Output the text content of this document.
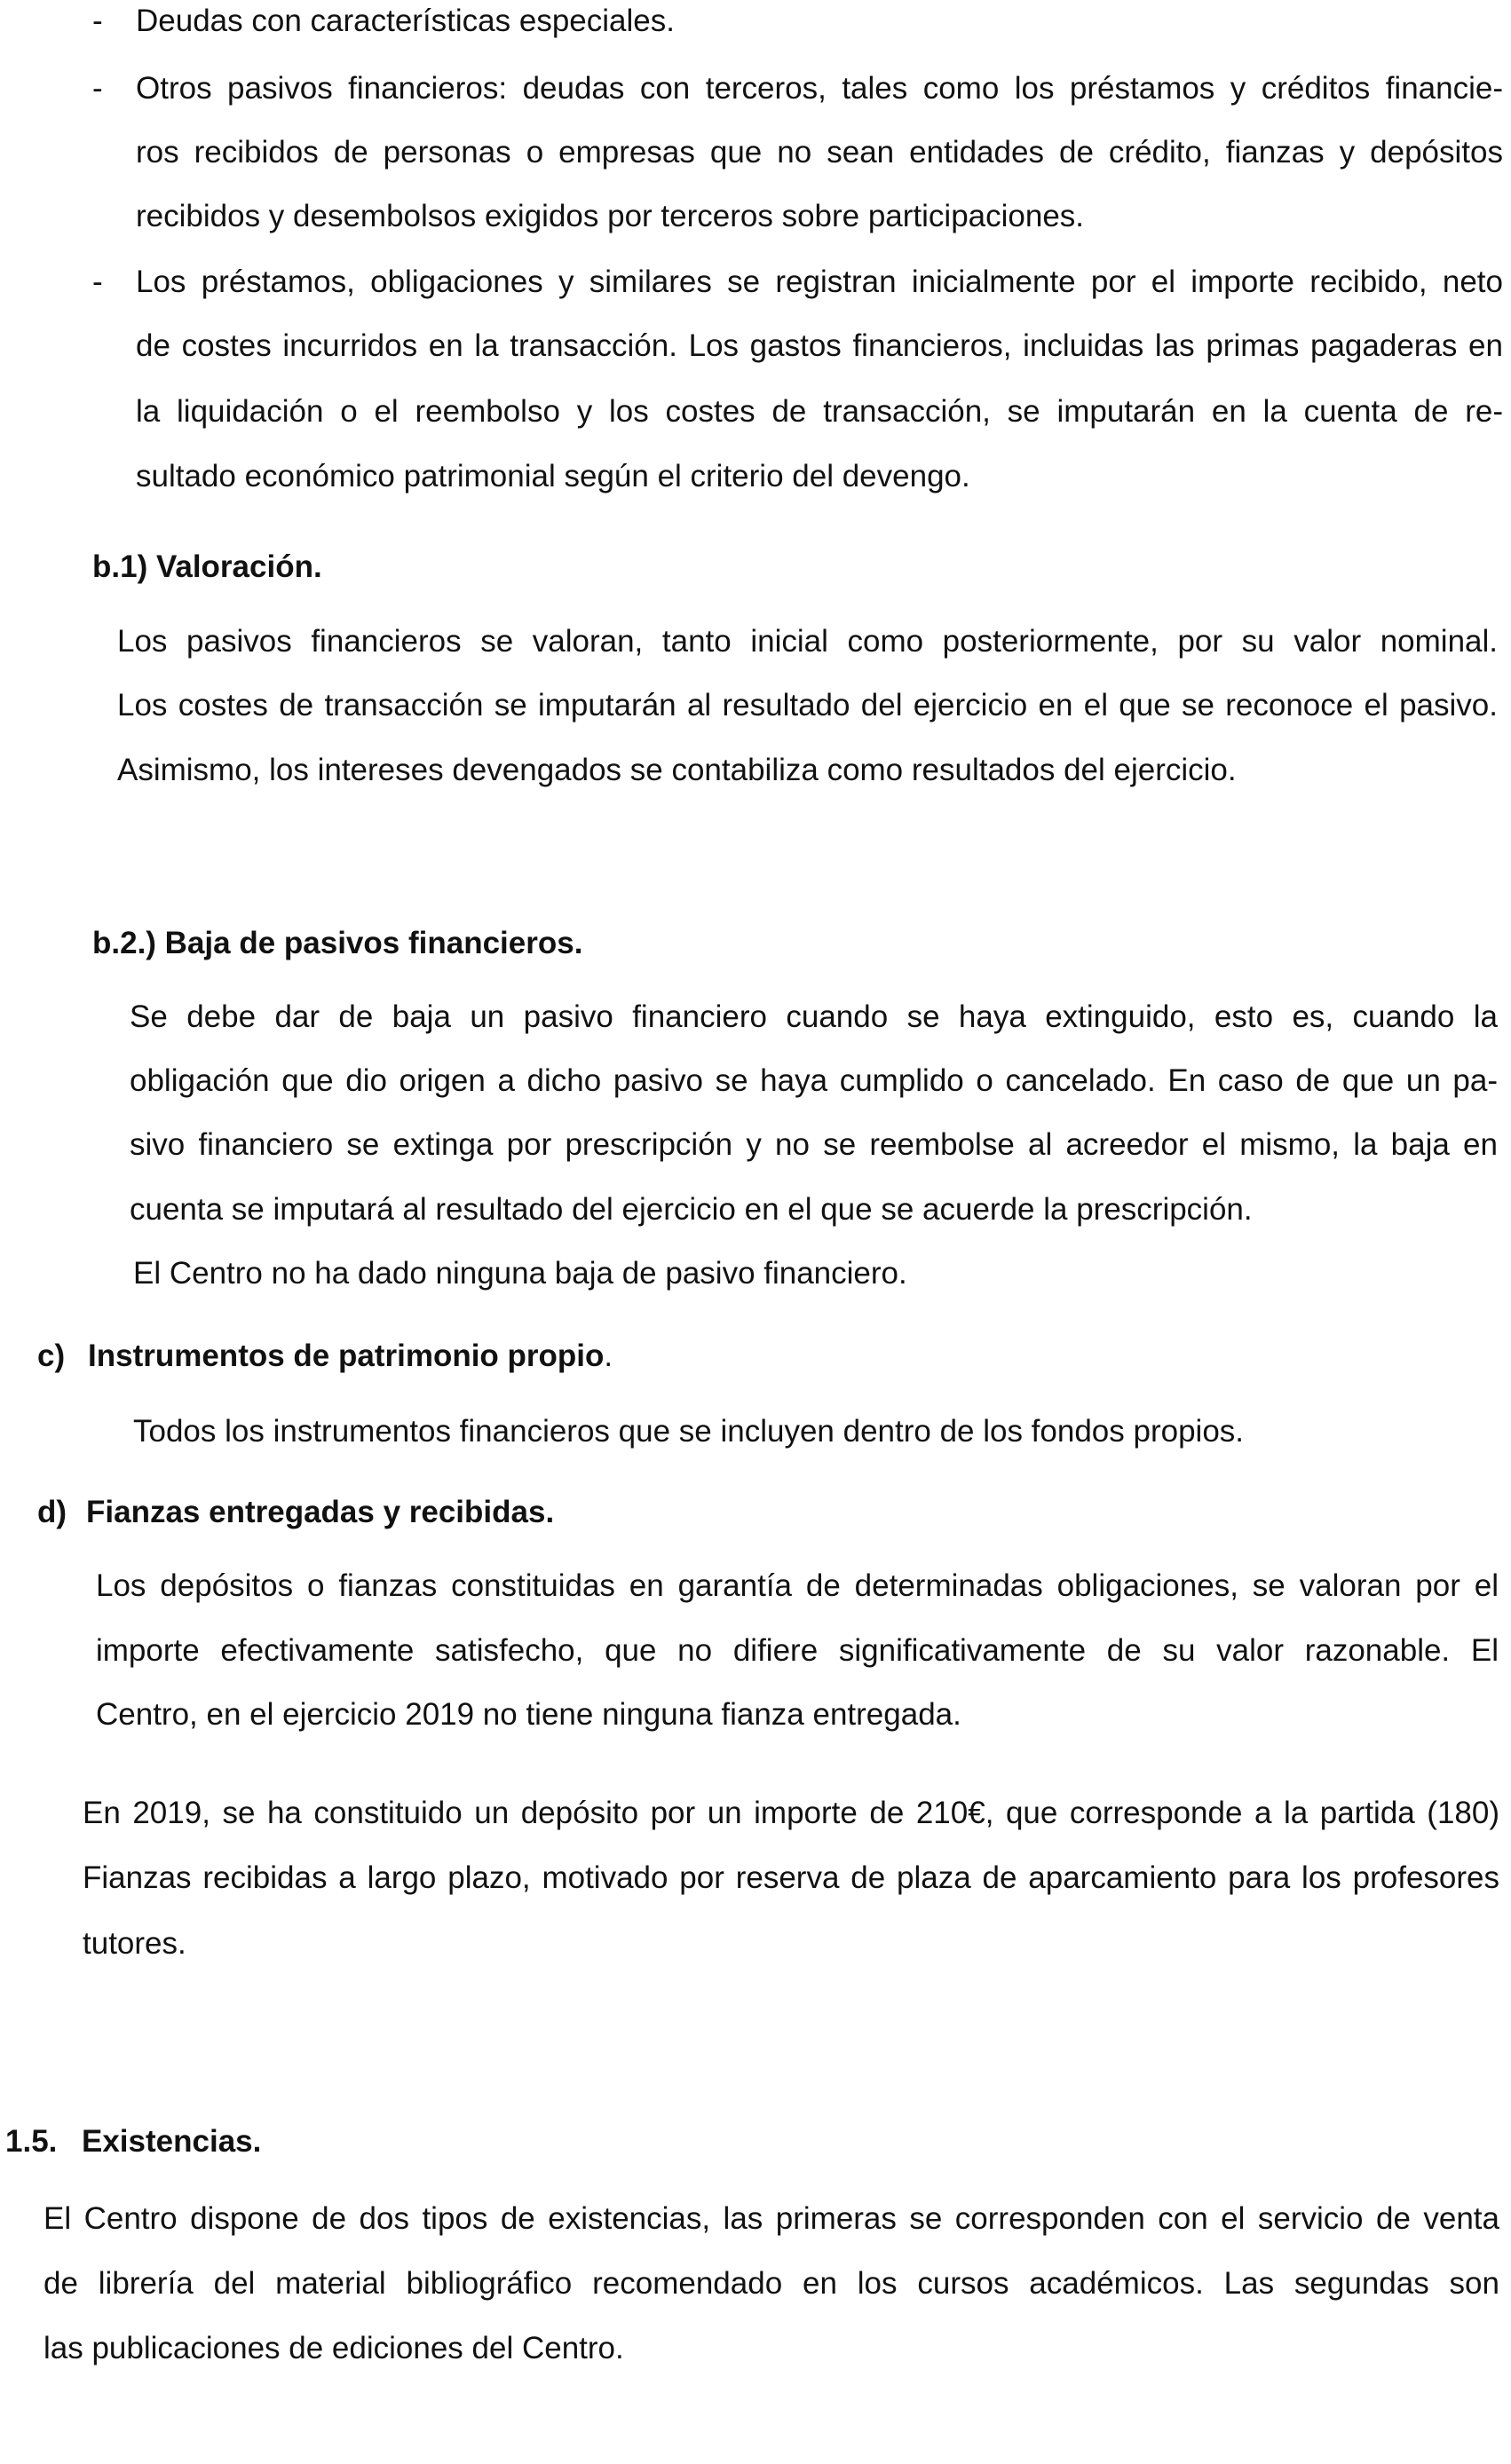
- Deudas con características especiales.

- Otros pasivos financieros: deudas con terceros, tales como los préstamos y créditos financie-

ros recibidos de personas o empresas que no sean entidades de crédito, fianzas y depósitos

recibidos y desembolsos exigidos por terceros sobre participaciones.

- Los préstamos, obligaciones y similares se registran inicialmente por el importe recibido, neto

de costes incurridos en la transacción. Los gastos financieros, incluidas las primas pagaderas en

la liquidación o el reembolso y los costes de transacción, se imputarán en la cuenta de re-

sultado económico patrimonial según el criterio del devengo.

b.1) Valoración.

Los pasivos financieros se valoran, tanto inicial como posteriormente, por su valor nominal.

Los costes de transacción se imputarán al resultado del ejercicio en el que se reconoce el pasivo.

Asimismo, los intereses devengados se contabiliza como resultados del ejercicio.

b.2.) Baja de pasivos financieros.

Se debe dar de baja un pasivo financiero cuando se haya extinguido, esto es, cuando la

obligación que dio origen a dicho pasivo se haya cumplido o cancelado. En caso de que un pa-

sivo financiero se extinga por prescripción y no se reembolse al acreedor el mismo, la baja en

cuenta se imputará al resultado del ejercicio en el que se acuerde la prescripción.

El Centro no ha dado ninguna baja de pasivo financiero.

c) Instrumentos de patrimonio propio.

Todos los instrumentos financieros que se incluyen dentro de los fondos propios.

d) Fianzas entregadas y recibidas.

Los depósitos o fianzas constituidas en garantía de determinadas obligaciones, se valoran por el

importe efectivamente satisfecho, que no difiere significativamente de su valor razonable. El

Centro, en el ejercicio 2019 no tiene ninguna fianza entregada.

En 2019, se ha constituido un depósito por un importe de 210€, que corresponde a la partida (180)

Fianzas recibidas a largo plazo, motivado por reserva de plaza de aparcamiento para los profesores

tutores.

1.5. Existencias.

El Centro dispone de dos tipos de existencias, las primeras se corresponden con el servicio de venta

de librería del material bibliográfico recomendado en los cursos académicos. Las segundas son

las publicaciones de ediciones del Centro.
